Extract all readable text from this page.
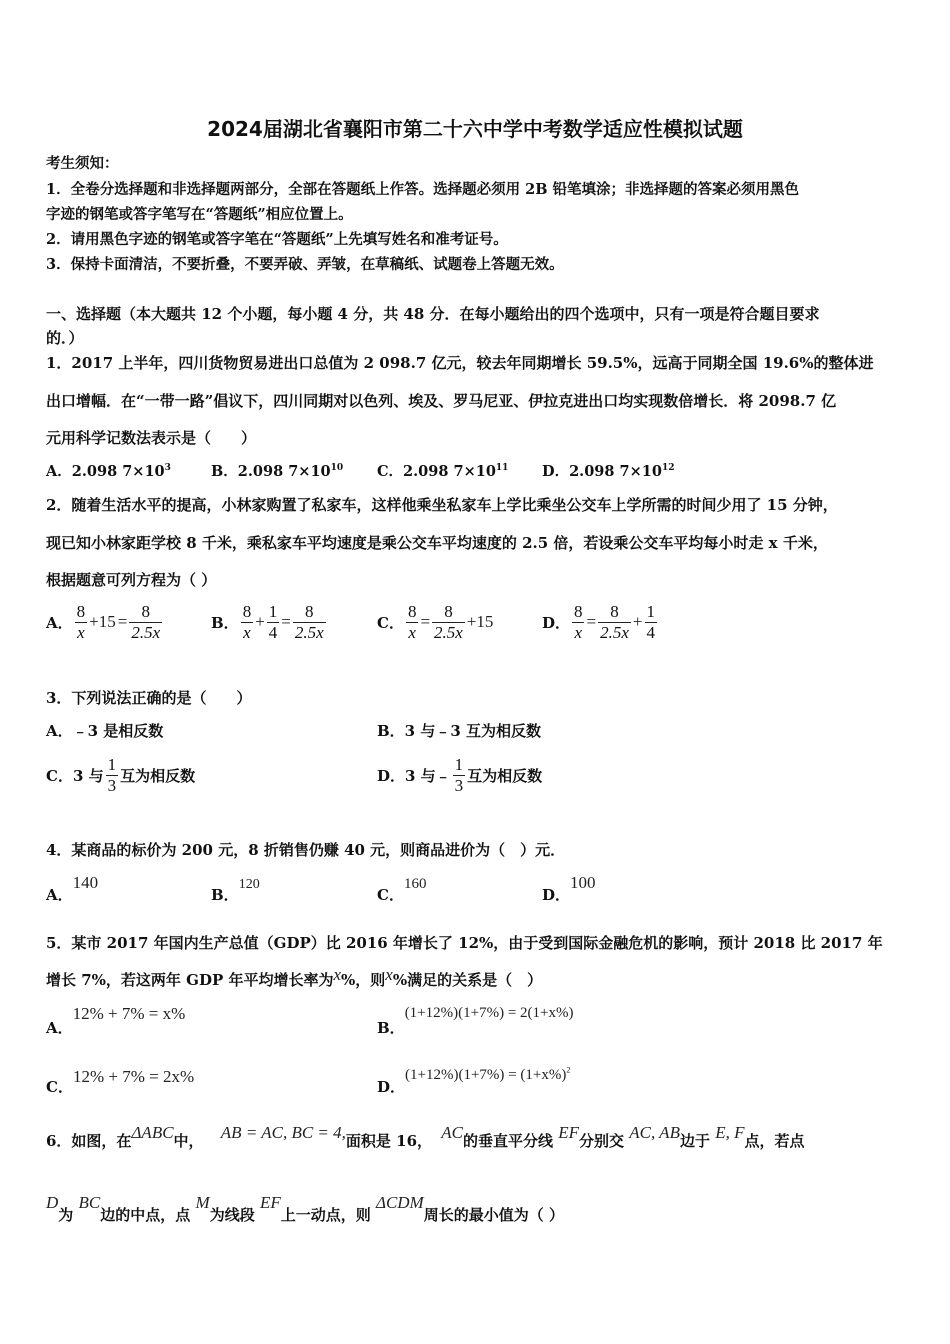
2024届湖北省襄阳市第二十六中学中考数学适应性模拟试题
考生须知：
1．全卷分选择题和非选择题两部分，全部在答题纸上作答。选择题必须用 2B 铅笔填涂；非选择题的答案必须用黑色
字迹的钢笔或答字笔写在“答题纸”相应位置上。
2．请用黑色字迹的钢笔或答字笔在“答题纸”上先填写姓名和准考证号。
3．保持卡面清洁，不要折叠，不要弄破、弄皱，在草稿纸、试题卷上答题无效。
一、选择题（本大题共 12 个小题，每小题 4 分，共 48 分．在每小题给出的四个选项中，只有一项是符合题目要求
的．）
1．2017 上半年，四川货物贸易进出口总值为 2 098.7 亿元，较去年同期增长 59.5%，远高于同期全国 19.6%的整体进
出口增幅．在“一带一路”倡议下，四川同期对以色列、埃及、罗马尼亚、伊拉克进出口均实现数倍增长．将 2098.7 亿
元用科学记数法表示是（　　）
A．2.098 $7\times 10^3$	B．2.098 $7\times 10^{10}$ C．2.098 $7\times 10^{11}$ D．2.098 $7\times 10^{12}$
2．随着生活水平的提高，小林家购置了私家车，这样他乘坐私家车上学比乘坐公交车上学所需的时间少用了 15 分钟，
现已知小林家距学校 8 千米，乘私家车平均速度是乘公交车平均速度的 2.5 倍，若设乘公交车平均每小时走 x 千米，
根据题意可列方程为（ ）
A． $\frac{8}{x} +15 = \frac{8}{2.5x}$	B． $\frac{8}{x} + \frac{1}{4} = \frac{8}{2.5x}$	C． $\frac{8}{x} = \frac{8}{2.5x} +15$	D． $\frac{8}{x} = \frac{8}{2.5x} + \frac{1}{4}$
3．下列说法正确的是（　　）
A．﹣3 是相反数	B．3 与﹣3 互为相反数
C．3 与 $\frac{1}{3}$ 互为相反数	D．3 与﹣ $\frac{1}{3}$ 互为相反数
4．某商品的标价为 200 元，8 折销售仍赚 40 元，则商品进价为（　）元．
A．140
B．120
C．160
D．100
5．某市 2017 年国内生产总值（GDP）比 2016 年增长了 12%，由于受到国际金融危机的影响，预计 2018 比 2017 年
增长 7%，若这两年 GDP 年平均增长率为x%，则x%满足的关系是（　）
A．12% + 7% = x%
B．(1+12%)(1+7%) = 2(1+x%)
C．12% + 7% = 2x%
D．$(1+12\%)(1+7\%) = (1+x\%)^2$
6．如图，在ΔABC中， AB = AC, BC = 4,面积是 16， AC的垂直平分线 EF分别交 AC, AB边于 E, F点，若点
D为 BC边的中点，点 M为线段 EF上一动点，则 ΔCDM周长的最小值为（ ）
